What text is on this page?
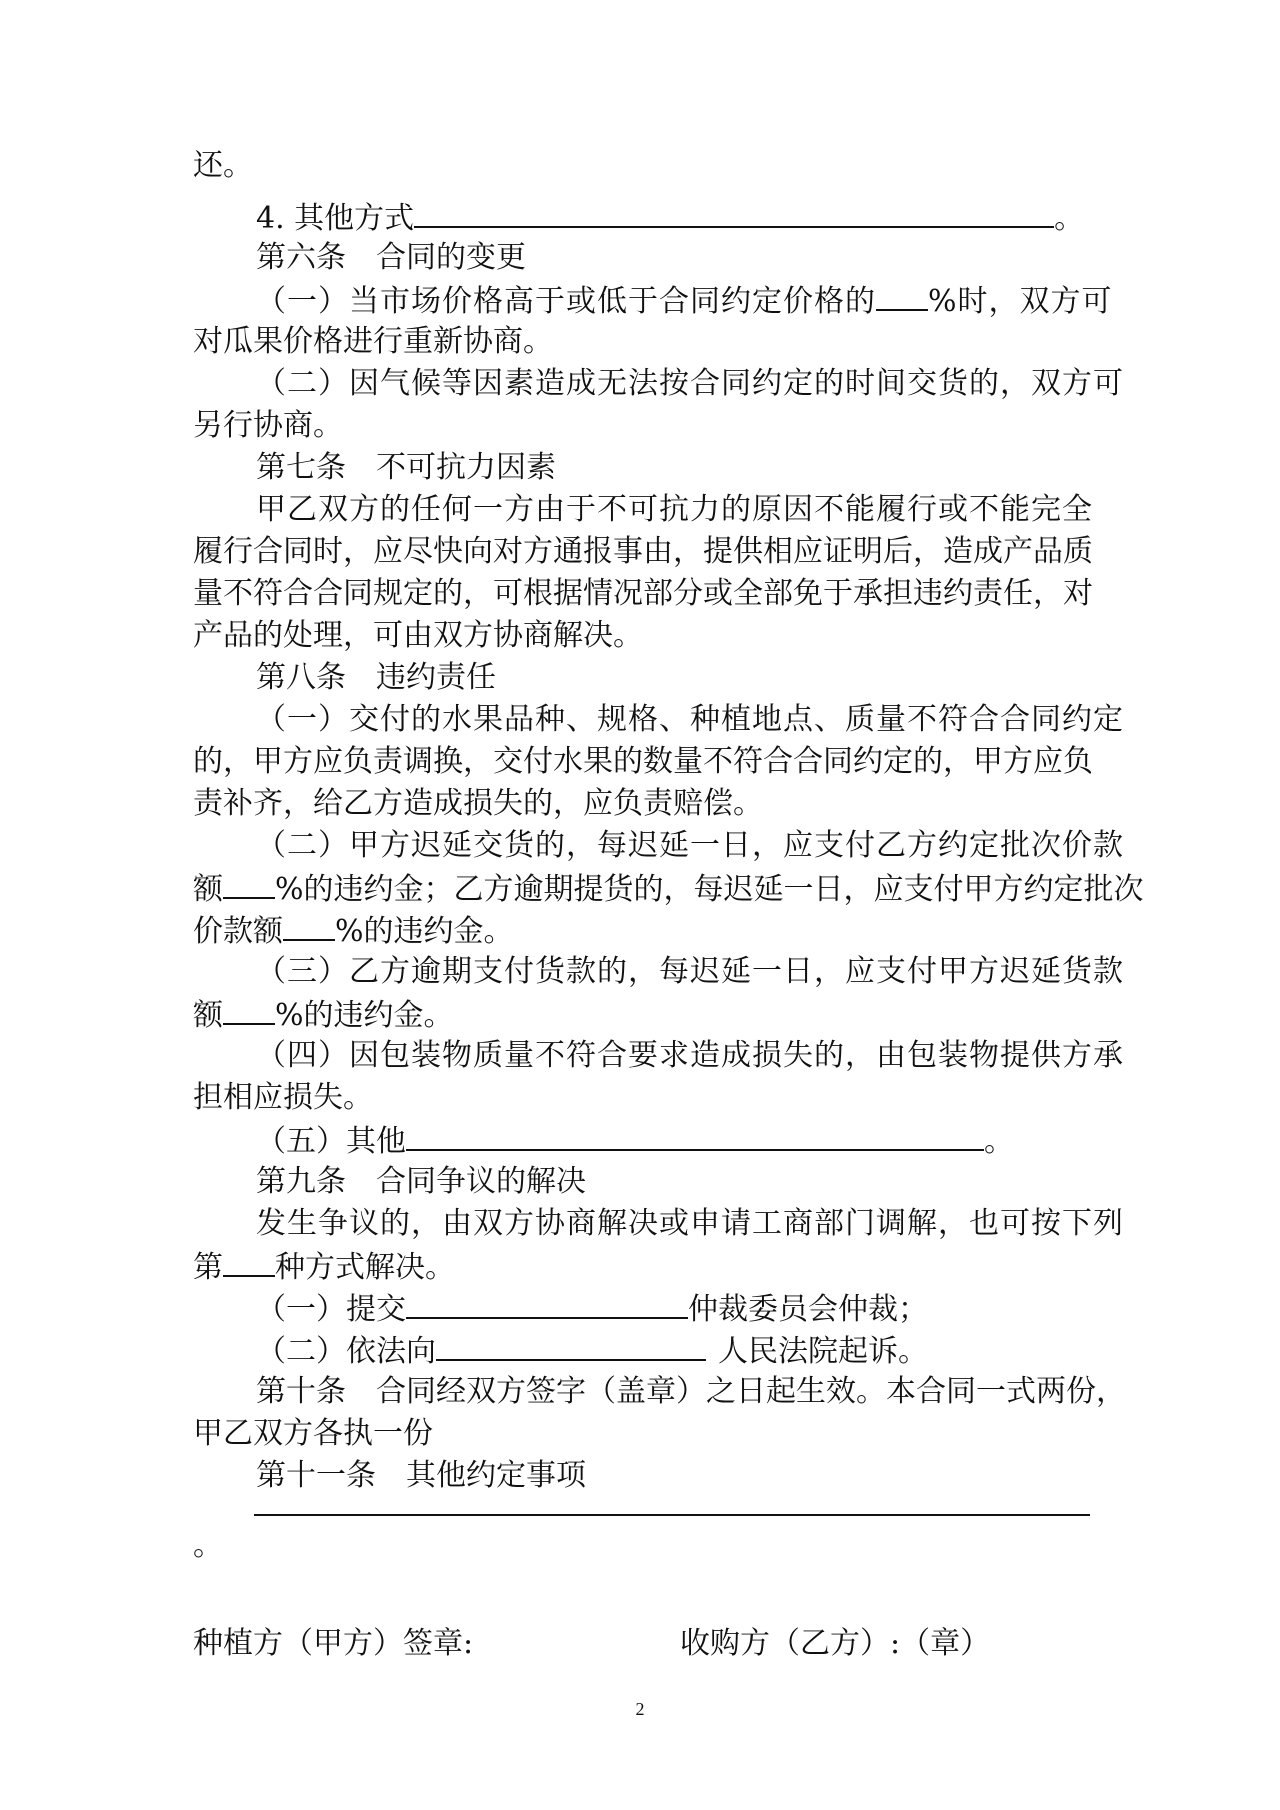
还。
4. 其他方式	。
第六条　合同的变更
（一）当市场价格高于或低于合同约定价格的 %时，双方可
对瓜果价格进行重新协商。
（二）因气候等因素造成无法按合同约定的时间交货的，双方可
另行协商。
第七条　不可抗力因素
甲乙双方的任何一方由于不可抗力的原因不能履行或不能完全
履行合同时，应尽快向对方通报事由，提供相应证明后，造成产品质
量不符合合同规定的，可根据情况部分或全部免于承担违约责任，对
产品的处理，可由双方协商解决。
第八条　违约责任
（一）交付的水果品种、规格、种植地点、质量不符合合同约定
的，甲方应负责调换，交付水果的数量不符合合同约定的，甲方应负
责补齐，给乙方造成损失的，应负责赔偿。
（二）甲方迟延交货的，每迟延一日，应支付乙方约定批次价款
额 %的违约金；乙方逾期提货的，每迟延一日，应支付甲方约定批次
价款额 %的违约金。
（三）乙方逾期支付货款的，每迟延一日，应支付甲方迟延货款
额 %的违约金。
（四）因包装物质量不符合要求造成损失的，由包装物提供方承
担相应损失。
（五）其他	。
第九条　合同争议的解决
发生争议的，由双方协商解决或申请工商部门调解，也可按下列
第 种方式解决。
（一）提交	仲裁委员会仲裁；
（二）依法向	人民法院起诉。
第十条　合同经双方签字（盖章）之日起生效。本合同一式两份，
甲乙双方各执一份
第十一条　其他约定事项
。
种植方（甲方）签章:	收购方（乙方）:（章）
2
